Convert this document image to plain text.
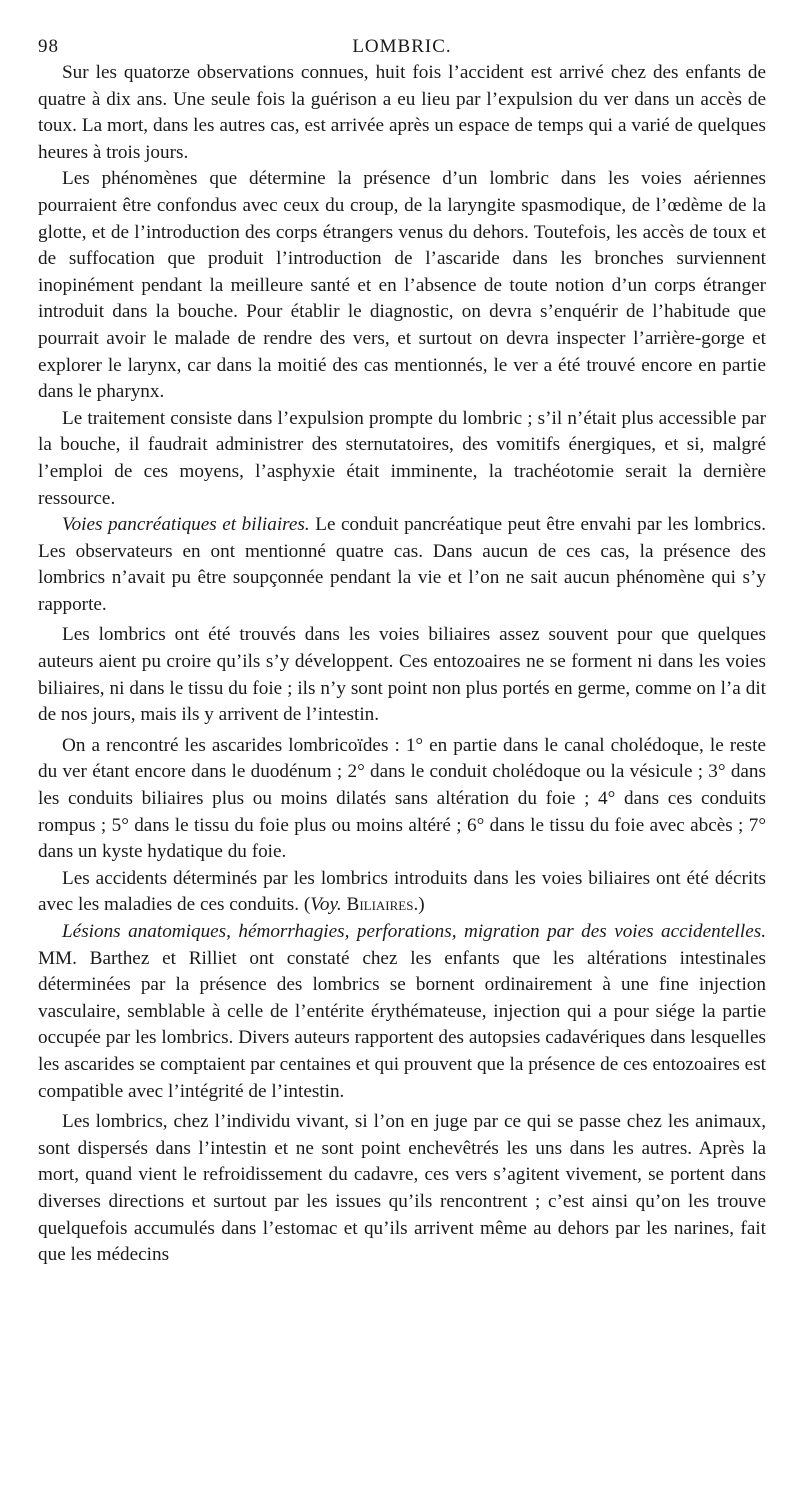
98	LOMBRIC.

Sur les quatorze observations connues, huit fois l’accident est arrivé chez des enfants de quatre à dix ans. Une seule fois la guérison a eu lieu par l’expulsion du ver dans un accès de toux. La mort, dans les autres cas, est arrivée après un espace de temps qui a varié de quelques heures à trois jours.

Les phénomènes que détermine la présence d’un lombric dans les voies aériennes pourraient être confondus avec ceux du croup, de la laryngite spasmodique, de l’œdème de la glotte, et de l’introduction des corps étrangers venus du dehors. Toutefois, les accès de toux et de suffocation que produit l’introduction de l’ascaride dans les bronches surviennent inopinément pendant la meilleure santé et en l’absence de toute notion d’un corps étranger introduit dans la bouche. Pour établir le diagnostic, on devra s’enquérir de l’habitude que pourrait avoir le malade de rendre des vers, et surtout on devra inspecter l’arrière-gorge et explorer le larynx, car dans la moitié des cas mentionnés, le ver a été trouvé encore en partie dans le pharynx.

Le traitement consiste dans l’expulsion prompte du lombric ; s’il n’était plus accessible par la bouche, il faudrait administrer des sternutatoires, des vomitifs énergiques, et si, malgré l’emploi de ces moyens, l’asphyxie était imminente, la trachéotomie serait la dernière ressource.

Voies pancréatiques et biliaires. Le conduit pancréatique peut être envahi par les lombrics. Les observateurs en ont mentionné quatre cas. Dans aucun de ces cas, la présence des lombrics n’avait pu être soupçonnée pendant la vie et l’on ne sait aucun phénomène qui s’y rapporte.

Les lombrics ont été trouvés dans les voies biliaires assez souvent pour que quelques auteurs aient pu croire qu’ils s’y développent. Ces entozoaires ne se forment ni dans les voies biliaires, ni dans le tissu du foie ; ils n’y sont point non plus portés en germe, comme on l’a dit de nos jours, mais ils y arrivent de l’intestin.

On a rencontré les ascarides lombricoïdes : 1° en partie dans le canal cholédoque, le reste du ver étant encore dans le duodénum ; 2° dans le conduit cholédoque ou la vésicule ; 3° dans les conduits biliaires plus ou moins dilatés sans altération du foie ; 4° dans ces conduits rompus ; 5° dans le tissu du foie plus ou moins altéré ; 6° dans le tissu du foie avec abcès ; 7° dans un kyste hydatique du foie.

Les accidents déterminés par les lombrics introduits dans les voies biliaires ont été décrits avec les maladies de ces conduits. (Voy. Biliaires.)

Lésions anatomiques, hémorrhagies, perforations, migration par des voies accidentelles. MM. Barthez et Rilliet ont constaté chez les enfants que les altérations intestinales déterminées par la présence des lombrics se bornent ordinairement à une fine injection vasculaire, semblable à celle de l’entérite érythémateuse, injection qui a pour siége la partie occupée par les lombrics. Divers auteurs rapportent des autopsies cadavériques dans lesquelles les ascarides se comptaient par centaines et qui prouvent que la présence de ces entozoaires est compatible avec l’intégrité de l’intestin.

Les lombrics, chez l’individu vivant, si l’on en juge par ce qui se passe chez les animaux, sont dispersés dans l’intestin et ne sont point enchevêtrés les uns dans les autres. Après la mort, quand vient le refroidissement du cadavre, ces vers s’agitent vivement, se portent dans diverses directions et surtout par les issues qu’ils rencontrent ; c’est ainsi qu’on les trouve quelquefois accumulés dans l’estomac et qu’ils arrivent même au dehors par les narines, fait que les médecins
